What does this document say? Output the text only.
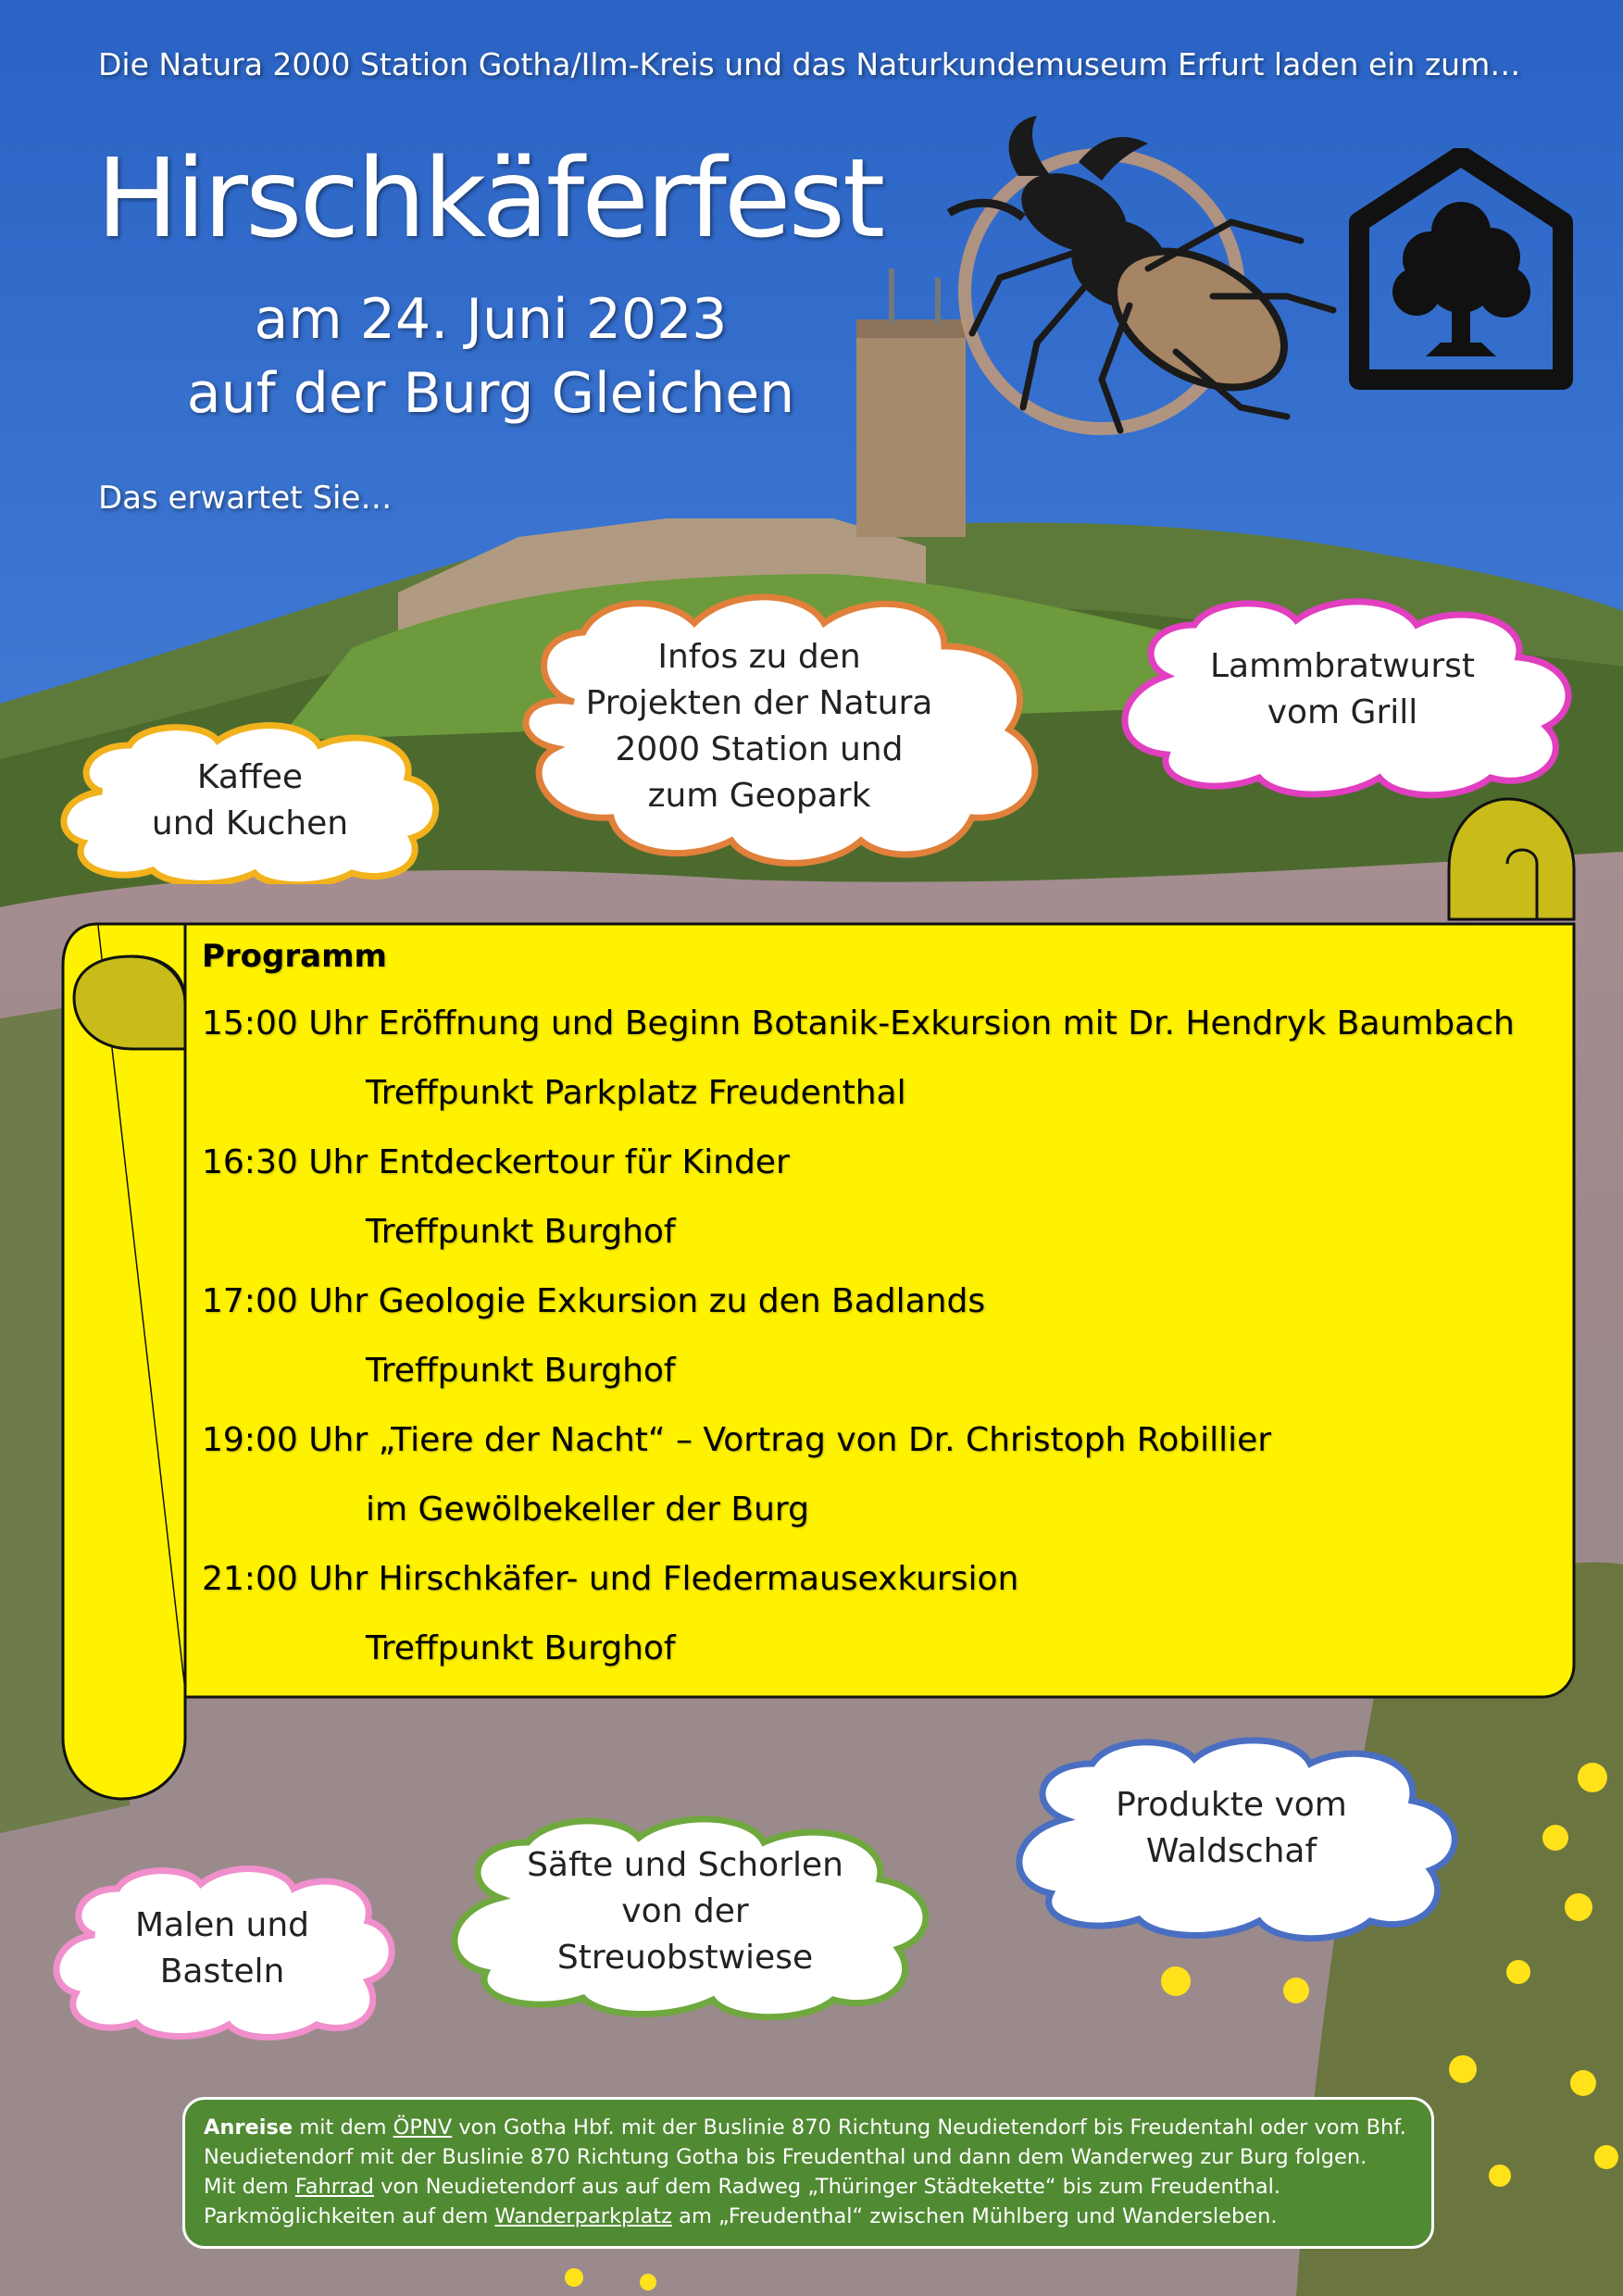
Die Natura 2000 Station Gotha/Ilm-Kreis und das Naturkundemuseum Erfurt laden ein zum…
Hirschkäferfest
am 24. Juni 2023
auf der Burg Gleichen
Das erwartet Sie…
Infos zu den
Projekten der Natura
2000 Station und
zum Geopark
Lammbratwurst
vom Grill
Kaffee
und Kuchen
Produkte vom
Waldschaf
Säfte und Schorlen
von der
Streuobstwiese
Malen und
Basteln
Programm
15:00 Uhr Eröffnung und Beginn Botanik-Exkursion mit Dr. Hendryk Baumbach
Treffpunkt Parkplatz Freudenthal
16:30 Uhr Entdeckertour für Kinder
Treffpunkt Burghof
17:00 Uhr Geologie Exkursion zu den Badlands
Treffpunkt Burghof
19:00 Uhr „Tiere der Nacht“ – Vortrag von Dr. Christoph Robillier
im Gewölbekeller der Burg
21:00 Uhr Hirschkäfer- und Fledermausexkursion
Treffpunkt Burghof
Anreise mit dem ÖPNV von Gotha Hbf. mit der Buslinie 870 Richtung Neudietendorf bis Freudentahl oder vom Bhf. Neudietendorf mit der Buslinie 870 Richtung Gotha bis Freudenthal und dann dem Wanderweg zur Burg folgen.
Mit dem Fahrrad von Neudietendorf aus auf dem Radweg „Thüringer Städtekette“ bis zum Freudenthal.
Parkmöglichkeiten auf dem Wanderparkplatz am „Freudenthal“ zwischen Mühlberg und Wandersleben.
